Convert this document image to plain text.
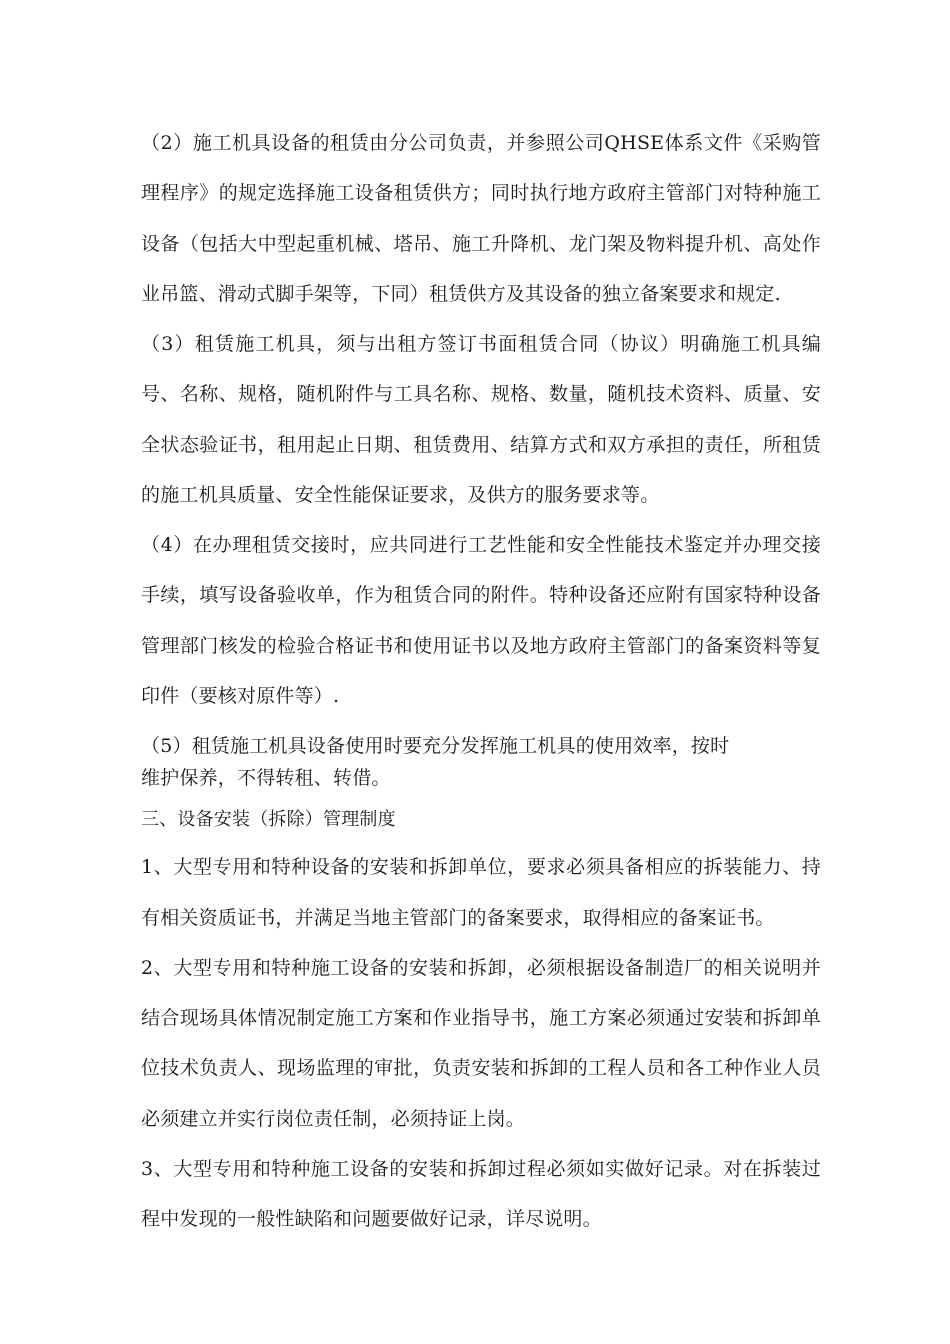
（2）施工机具设备的租赁由分公司负责，并参照公司QHSE体系文件《采购管
理程序》的规定选择施工设备租赁供方；同时执行地方政府主管部门对特种施工
设备（包括大中型起重机械、塔吊、施工升降机、龙门架及物料提升机、高处作
业吊篮、滑动式脚手架等，下同）租赁供方及其设备的独立备案要求和规定.
（3）租赁施工机具，须与出租方签订书面租赁合同（协议）明确施工机具编
号、名称、规格，随机附件与工具名称、规格、数量，随机技术资料、质量、安
全状态验证书，租用起止日期、租赁费用、结算方式和双方承担的责任，所租赁
的施工机具质量、安全性能保证要求，及供方的服务要求等。
（4）在办理租赁交接时，应共同进行工艺性能和安全性能技术鉴定并办理交接
手续，填写设备验收单，作为租赁合同的附件。特种设备还应附有国家特种设备
管理部门核发的检验合格证书和使用证书以及地方政府主管部门的备案资料等复
印件（要核对原件等）.
（5）租赁施工机具设备使用时要充分发挥施工机具的使用效率，按时
维护保养，不得转租、转借。
三、设备安装（拆除）管理制度
1、大型专用和特种设备的安装和拆卸单位，要求必须具备相应的拆装能力、持
有相关资质证书，并满足当地主管部门的备案要求，取得相应的备案证书。
2、大型专用和特种施工设备的安装和拆卸，必须根据设备制造厂的相关说明并
结合现场具体情况制定施工方案和作业指导书，施工方案必须通过安装和拆卸单
位技术负责人、现场监理的审批，负责安装和拆卸的工程人员和各工种作业人员
必须建立并实行岗位责任制，必须持证上岗。
3、大型专用和特种施工设备的安装和拆卸过程必须如实做好记录。对在拆装过
程中发现的一般性缺陷和问题要做好记录，详尽说明。
